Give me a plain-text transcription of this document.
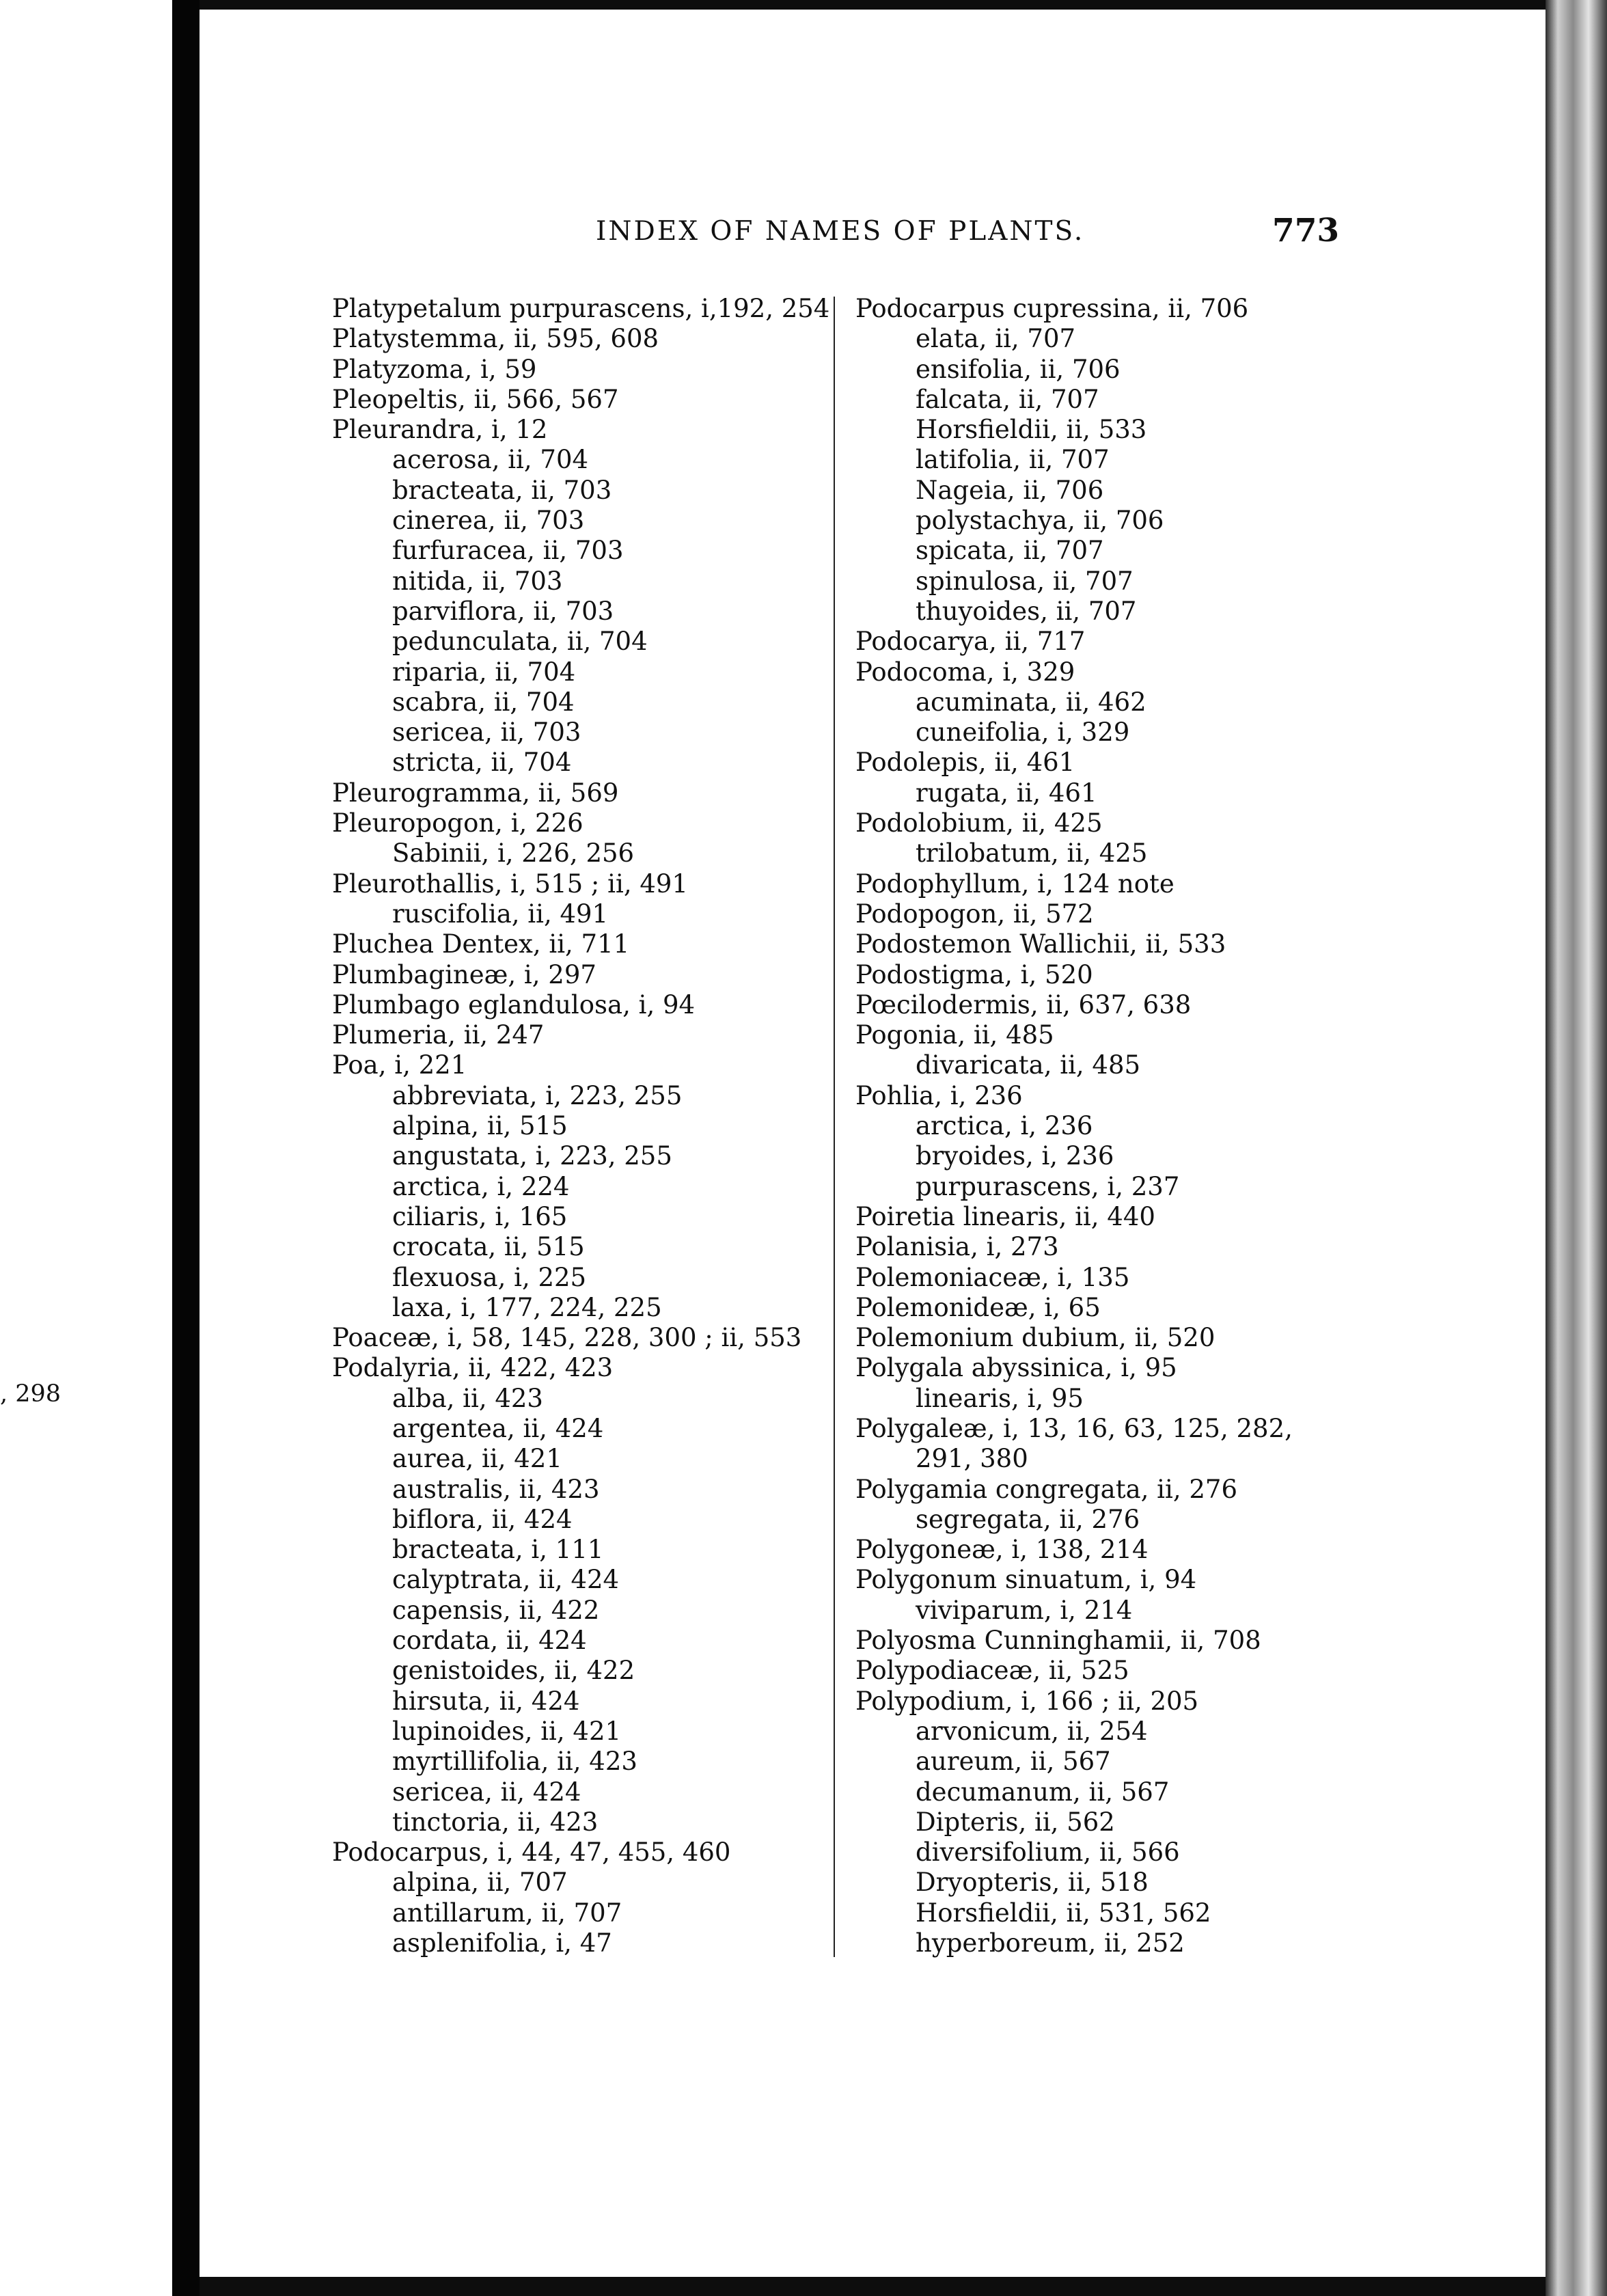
, 298
INDEX OF NAMES OF PLANTS.	773
Platypetalum purpurascens, i,192, 254
Platystemma, ii, 595, 608
Platyzoma, i, 59
Pleopeltis, ii, 566, 567
Pleurandra, i, 12
acerosa, ii, 704
bracteata, ii, 703
cinerea, ii, 703
furfuracea, ii, 703
nitida, ii, 703
parviflora, ii, 703
pedunculata, ii, 704
riparia, ii, 704
scabra, ii, 704
sericea, ii, 703
stricta, ii, 704
Pleurogramma, ii, 569
Pleuropogon, i, 226
Sabinii, i, 226, 256
Pleurothallis, i, 515 ; ii, 491
ruscifolia, ii, 491
Pluchea Dentex, ii, 711
Plumbagineæ, i, 297
Plumbago eglandulosa, i, 94
Plumeria, ii, 247
Poa, i, 221
abbreviata, i, 223, 255
alpina, ii, 515
angustata, i, 223, 255
arctica, i, 224
ciliaris, i, 165
crocata, ii, 515
flexuosa, i, 225
laxa, i, 177, 224, 225
Poaceæ, i, 58, 145, 228, 300 ; ii, 553
Podalyria, ii, 422, 423
alba, ii, 423
argentea, ii, 424
aurea, ii, 421
australis, ii, 423
biflora, ii, 424
bracteata, i, 111
calyptrata, ii, 424
capensis, ii, 422
cordata, ii, 424
genistoides, ii, 422
hirsuta, ii, 424
lupinoides, ii, 421
myrtillifolia, ii, 423
sericea, ii, 424
tinctoria, ii, 423
Podocarpus, i, 44, 47, 455, 460
alpina, ii, 707
antillarum, ii, 707
asplenifolia, i, 47
Podocarpus cupressina, ii, 706
elata, ii, 707
ensifolia, ii, 706
falcata, ii, 707
Horsfieldii, ii, 533
latifolia, ii, 707
Nageia, ii, 706
polystachya, ii, 706
spicata, ii, 707
spinulosa, ii, 707
thuyoides, ii, 707
Podocarya, ii, 717
Podocoma, i, 329
acuminata, ii, 462
cuneifolia, i, 329
Podolepis, ii, 461
rugata, ii, 461
Podolobium, ii, 425
trilobatum, ii, 425
Podophyllum, i, 124 note
Podopogon, ii, 572
Podostemon Wallichii, ii, 533
Podostigma, i, 520
Pœcilodermis, ii, 637, 638
Pogonia, ii, 485
divaricata, ii, 485
Pohlia, i, 236
arctica, i, 236
bryoides, i, 236
purpurascens, i, 237
Poiretia linearis, ii, 440
Polanisia, i, 273
Polemoniaceæ, i, 135
Polemonideæ, i, 65
Polemonium dubium, ii, 520
Polygala abyssinica, i, 95
linearis, i, 95
Polygaleæ, i, 13, 16, 63, 125, 282,
291, 380
Polygamia congregata, ii, 276
segregata, ii, 276
Polygoneæ, i, 138, 214
Polygonum sinuatum, i, 94
viviparum, i, 214
Polyosma Cunninghamii, ii, 708
Polypodiaceæ, ii, 525
Polypodium, i, 166 ; ii, 205
arvonicum, ii, 254
aureum, ii, 567
decumanum, ii, 567
Dipteris, ii, 562
diversifolium, ii, 566
Dryopteris, ii, 518
Horsfieldii, ii, 531, 562
hyperboreum, ii, 252
